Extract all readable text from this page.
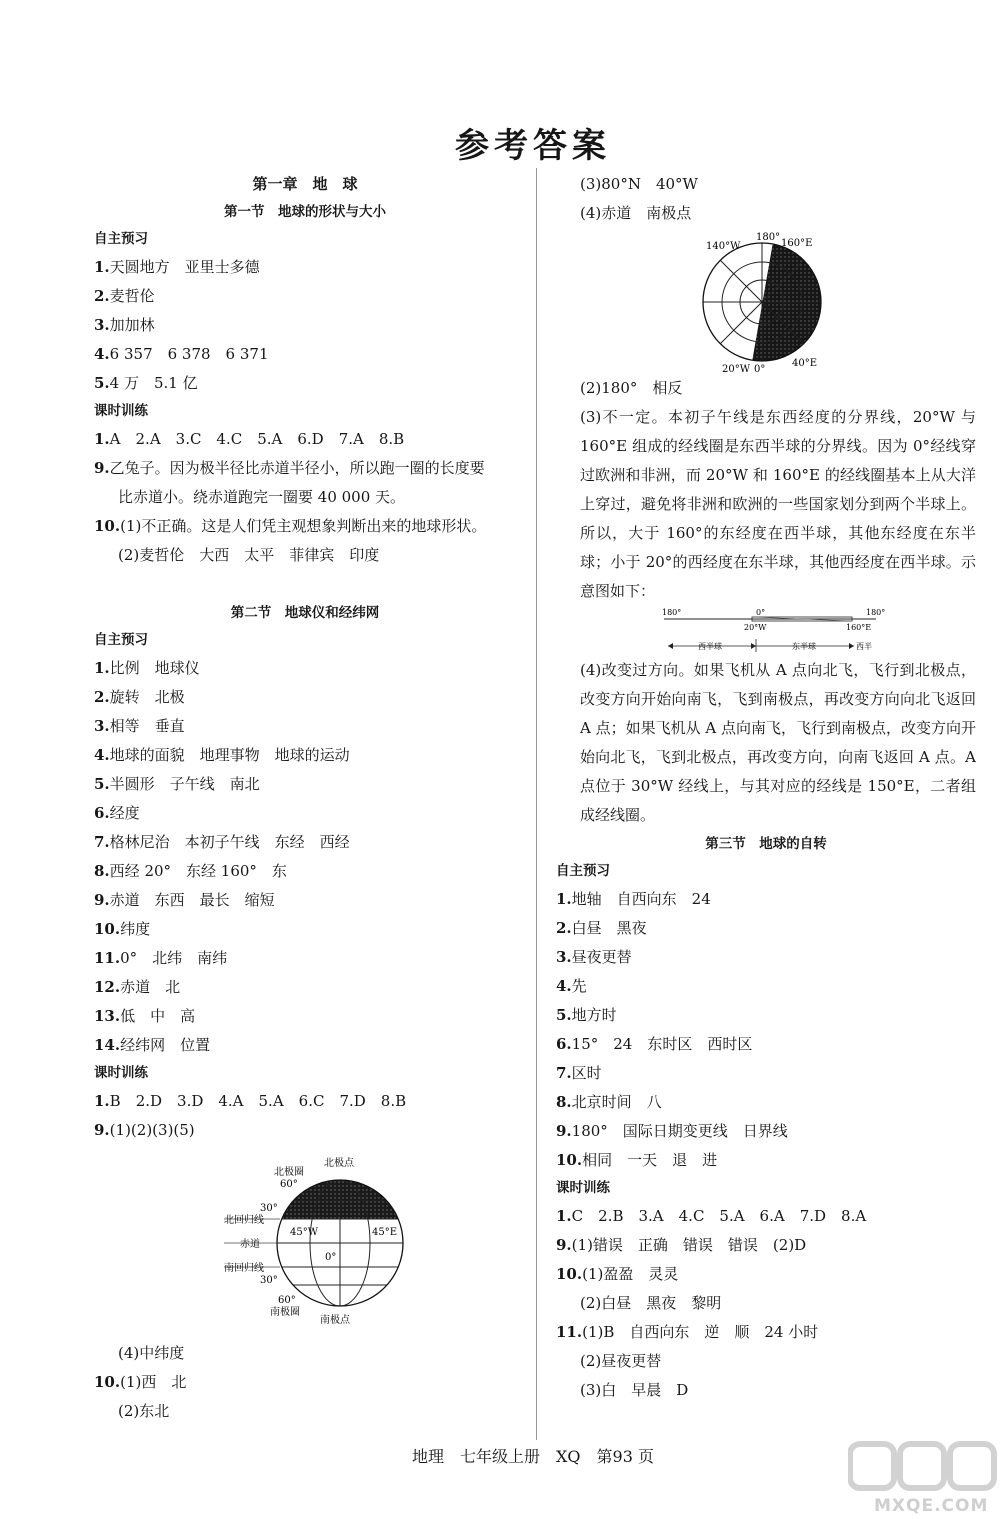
参考答案
第一章　地　球
第一节　地球的形状与大小
自主预习
1.天圆地方　亚里士多德
2.麦哲伦
3.加加林
4.6 357　6 378　6 371
5.4 万　5.1 亿
课时训练
1.A　2.A　3.C　4.C　5.A　6.D　7.A　8.B
9.乙兔子。因为极半径比赤道半径小，所以跑一圈的长度要
比赤道小。绕赤道跑完一圈要 40 000 天。
10.(1)不正确。这是人们凭主观想象判断出来的地球形状。
(2)麦哲伦　大西　太平　菲律宾　印度

第二节　地球仪和经纬网
自主预习
1.比例　地球仪
2.旋转　北极
3.相等　垂直
4.地球的面貌　地理事物　地球的运动
5.半圆形　子午线　南北
6.经度
7.格林尼治　本初子午线　东经　西经
8.西经 20°　东经 160°　东
9.赤道　东西　最长　缩短
10.纬度
11.0°　北纬　南纬
12.赤道　北
13.低　中　高
14.经纬网　位置
课时训练
1.B　2.D　3.D　4.A　5.A　6.C　7.D　8.B
9.(1)(2)(3)(5)
北极点
北极圈
60°
30°
北回归线
赤道
45°W	45°E
0°
南回归线
30°
60°
南极圈
南极点
(4)中纬度
10.(1)西　北
(2)东北
(3)80°N　40°W
(4)赤道　南极点

140°W
180°
160°E
20°W 0°
40°E
(2)180°　相反
(3)不一定。本初子午线是东西经度的分界线，20°W 与 160°E 组成的经线圈是东西半球的分界线。因为 0°经线穿过欧洲和非洲，而 20°W 和 160°E 的经线圈基本上从大洋上穿过，避免将非洲和欧洲的一些国家划分到两个半球上。所以，大于 160°的东经度在西半球，其他东经度在东半球；小于 20°的西经度在东半球，其他西经度在西半球。示意图如下：
180°	0°	180°
20°W	160°E
西半球	东半球	西半
(4)改变过方向。如果飞机从 A 点向北飞，飞行到北极点，改变方向开始向南飞，飞到南极点，再改变方向向北飞返回 A 点；如果飞机从 A 点向南飞，飞行到南极点，改变方向开始向北飞，飞到北极点，再改变方向，向南飞返回 A 点。A 点位于 30°W 经线上，与其对应的经线是 150°E，二者组成经线圈。
第三节　地球的自转
自主预习
1.地轴　自西向东　24
2.白昼　黑夜
3.昼夜更替
4.先
5.地方时
6.15°　24　东时区　西时区
7.区时
8.北京时间　八
9.180°　国际日期变更线　日界线
10.相同　一天　退　进
课时训练
1.C　2.B　3.A　4.C　5.A　6.A　7.D　8.A
9.(1)错误　正确　错误　错误　(2)D
10.(1)盈盈　灵灵
(2)白昼　黑夜　黎明
11.(1)B　自西向东　逆　顺　24 小时
(2)昼夜更替
(3)白　早晨　D
地理　七年级上册　XQ　第93 页
MXQE.COM
